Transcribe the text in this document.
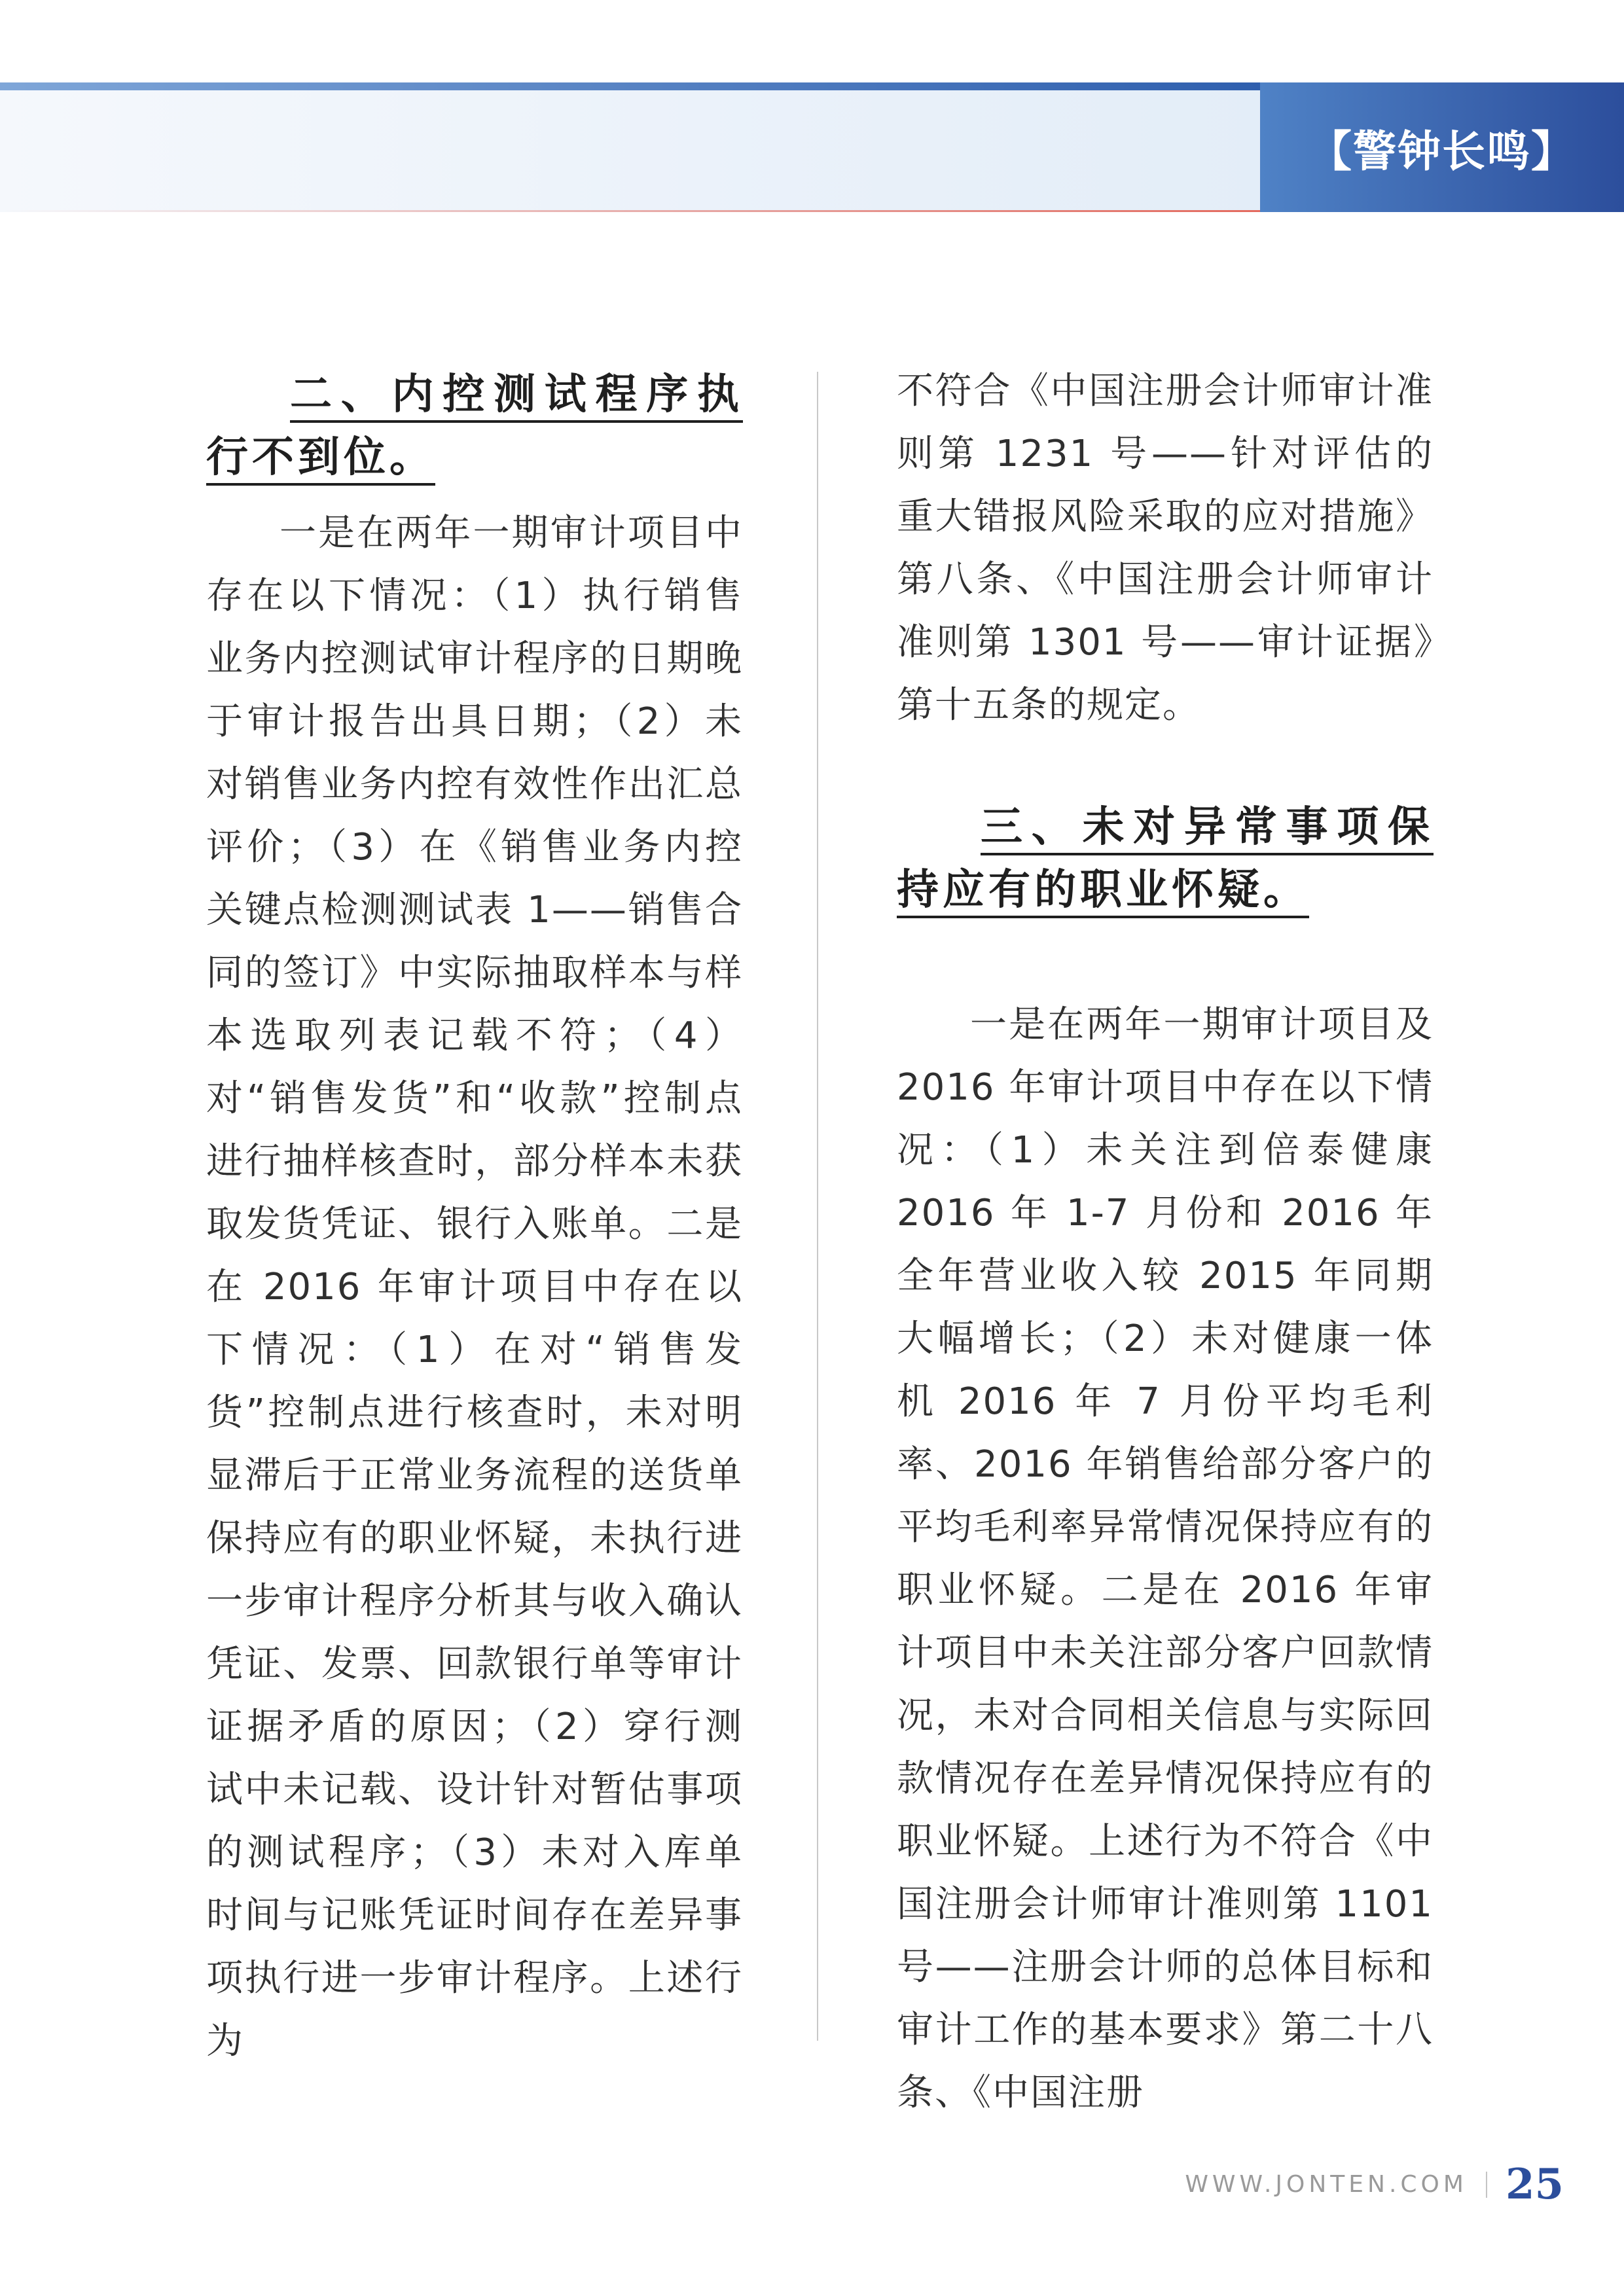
【警钟长鸣】
二、内控测试程序执行不到位。

一是在两年一期审计项目中存在以下情况：（1）执行销售业务内控测试审计程序的日期晚于审计报告出具日期；（2）未对销售业务内控有效性作出汇总评价；（3）在《销售业务内控关键点检测测试表 1——销售合同的签订》中实际抽取样本与样本选取列表记载不符；（4）对“销售发货”和“收款”控制点进行抽样核查时，部分样本未获取发货凭证、银行入账单。二是在 2016 年审计项目中存在以下情况：（1）在对“销售发货”控制点进行核查时，未对明显滞后于正常业务流程的送货单保持应有的职业怀疑，未执行进一步审计程序分析其与收入确认凭证、发票、回款银行单等审计证据矛盾的原因；（2）穿行测试中未记载、设计针对暂估事项的测试程序；（3）未对入库单时间与记账凭证时间存在差异事项执行进一步审计程序。上述行为

不符合《中国注册会计师审计准则第 1231 号——针对评估的重大错报风险采取的应对措施》第八条、《中国注册会计师审计准则第 1301 号——审计证据》第十五条的规定。

三、未对异常事项保持应有的职业怀疑。

一是在两年一期审计项目及 2016 年审计项目中存在以下情况：（1）未关注到倍泰健康 2016 年 1-7 月份和 2016 年全年营业收入较 2015 年同期大幅增长；（2）未对健康一体机 2016 年 7 月份平均毛利率、2016 年销售给部分客户的平均毛利率异常情况保持应有的职业怀疑。二是在 2016 年审计项目中未关注部分客户回款情况，未对合同相关信息与实际回款情况存在差异情况保持应有的职业怀疑。上述行为不符合《中国注册会计师审计准则第 1101 号——注册会计师的总体目标和审计工作的基本要求》第二十八条、《中国注册

WWW.JONTEN.COM 25
